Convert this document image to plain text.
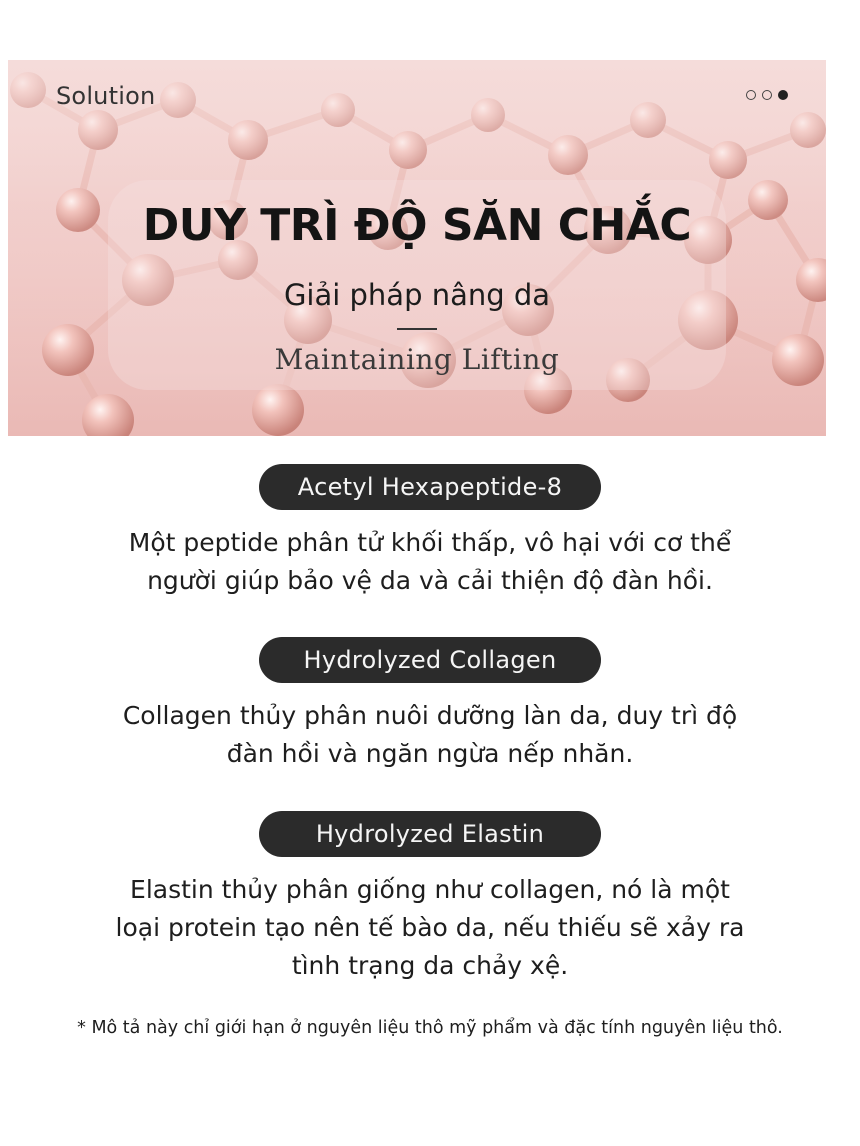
Solution
DUY TRÌ ĐỘ SĂN CHẮC
Giải pháp nâng da
Maintaining Lifting
Acetyl Hexapeptide-8
Một peptide phân tử khối thấp, vô hại với cơ thể
người giúp bảo vệ da và cải thiện độ đàn hồi.
Hydrolyzed Collagen
Collagen thủy phân nuôi dưỡng làn da, duy trì độ
đàn hồi và ngăn ngừa nếp nhăn.
Hydrolyzed Elastin
Elastin thủy phân giống như collagen, nó là một
loại protein tạo nên tế bào da, nếu thiếu sẽ xảy ra
tình trạng da chảy xệ.
* Mô tả này chỉ giới hạn ở nguyên liệu thô mỹ phẩm và đặc tính nguyên liệu thô.
